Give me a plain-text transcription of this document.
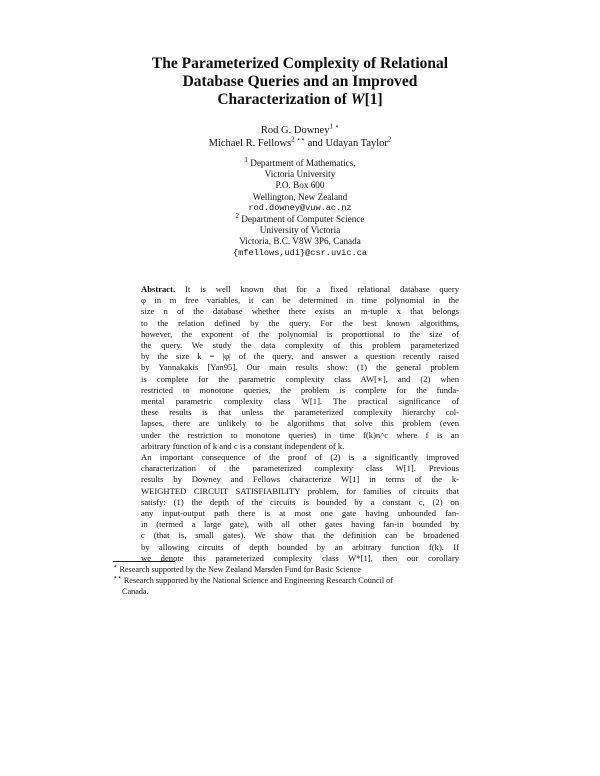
The Parameterized Complexity of Relational
Database Queries and an Improved
Characterization of W[1]
Rod G. Downey$^{1 ⋆}$
Michael R. Fellows$^{2 ⋆⋆}$ and Udayan Taylor$^2$
$^1$ Department of Mathematics,
Victoria University
P.O. Box 600
Wellington, New Zealand
rod.downey@vuw.ac.nz
$^2$ Department of Computer Science
University of Victoria
Victoria, B.C. V8W 3P6, Canada
{mfellows,udi}@csr.uvic.ca

Abstract. It is well known that for a fixed relational database query
φ in m free variables, it can be determined in time polynomial in the
size n of the database whether there exists an m-tuple x that belongs
to the relation defined by the query. For the best known algorithms,
however, the exponent of the polynomial is proportional to the size of
the query. We study the data complexity of this problem parameterized
by the size k = |φ| of the query, and answer a question recently raised
by Yannakakis [Yan95]. Our main results show: (1) the general problem
is complete for the parametric complexity class AW[∗], and (2) when
restricted to monotone queries, the problem is complete for the funda-
mental parametric complexity class W[1]. The practical significance of
these results is that unless the parameterized complexity hierarchy col-
lapses, there are unlikely to be algorithms that solve this problem (even
under the restriction to monotone queries) in time f(k)n^c where f is an
arbitrary function of k and c is a constant independent of k.

An important consequence of the proof of (2) is a significantly improved
characterization of the parameterized complexity class W[1]. Previous
results by Downey and Fellows characterize W[1] in terms of the k-
WEIGHTED CIRCUIT SATISFIABILITY problem, for families of circuits that
satisfy: (1) the depth of the circuits is bounded by a constant c, (2) on
any input-output path there is at most one gate having unbounded fan-
in (termed a large gate), with all other gates having fan-in bounded by
c (that is, small gates). We show that the definition can be broadened
by allowing circuits of depth bounded by an arbitrary function f(k). If
we denote this parameterized complexity class W*[1], then our corollary

⋆ Research supported by the New Zealand Marsden Fund for Basic Science
⋆⋆ Research supported by the National Science and Engineering Research Council of
Canada.
